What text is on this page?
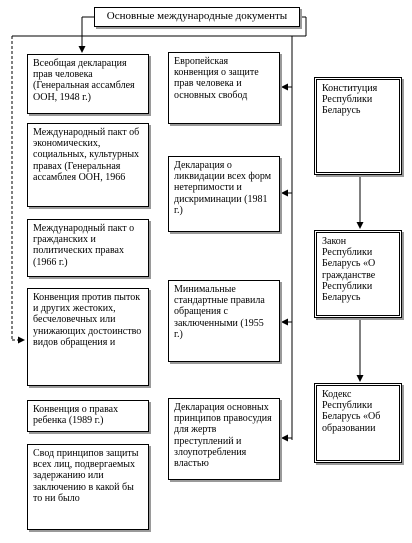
Основные международные документы
Всеобщая декларация прав человека (Генеральная ассамблея ООН, 1948 г.)
Международный пакт об экономических, социальных, культурных правах (Генеральная ассамблея ООН, 1966
Международный пакт о гражданских и политических правах (1966 г.)
Конвенция против пыток и других жестоких, бесчеловечных или унижающих достоинство видов обращения и
Конвенция о правах ребенка (1989 г.)
Свод принципов защиты всех лиц, подвергаемых задержанию или заключению в какой бы то ни было
Европейская конвенция о защите прав человека и основных свобод
Декларация о ликвидации всех форм нетерпимости и дискриминации (1981 г.)
Минимальные стандартные правила обращения с заключенными (1955 г.)
Декларация основных принципов правосудия для жертв преступлений и злоупотребления властью
Конституция Республики Беларусь
Закон Республики Беларусь «О гражданстве Республики Беларусь
Кодекс Республики Беларусь «Об образовании
